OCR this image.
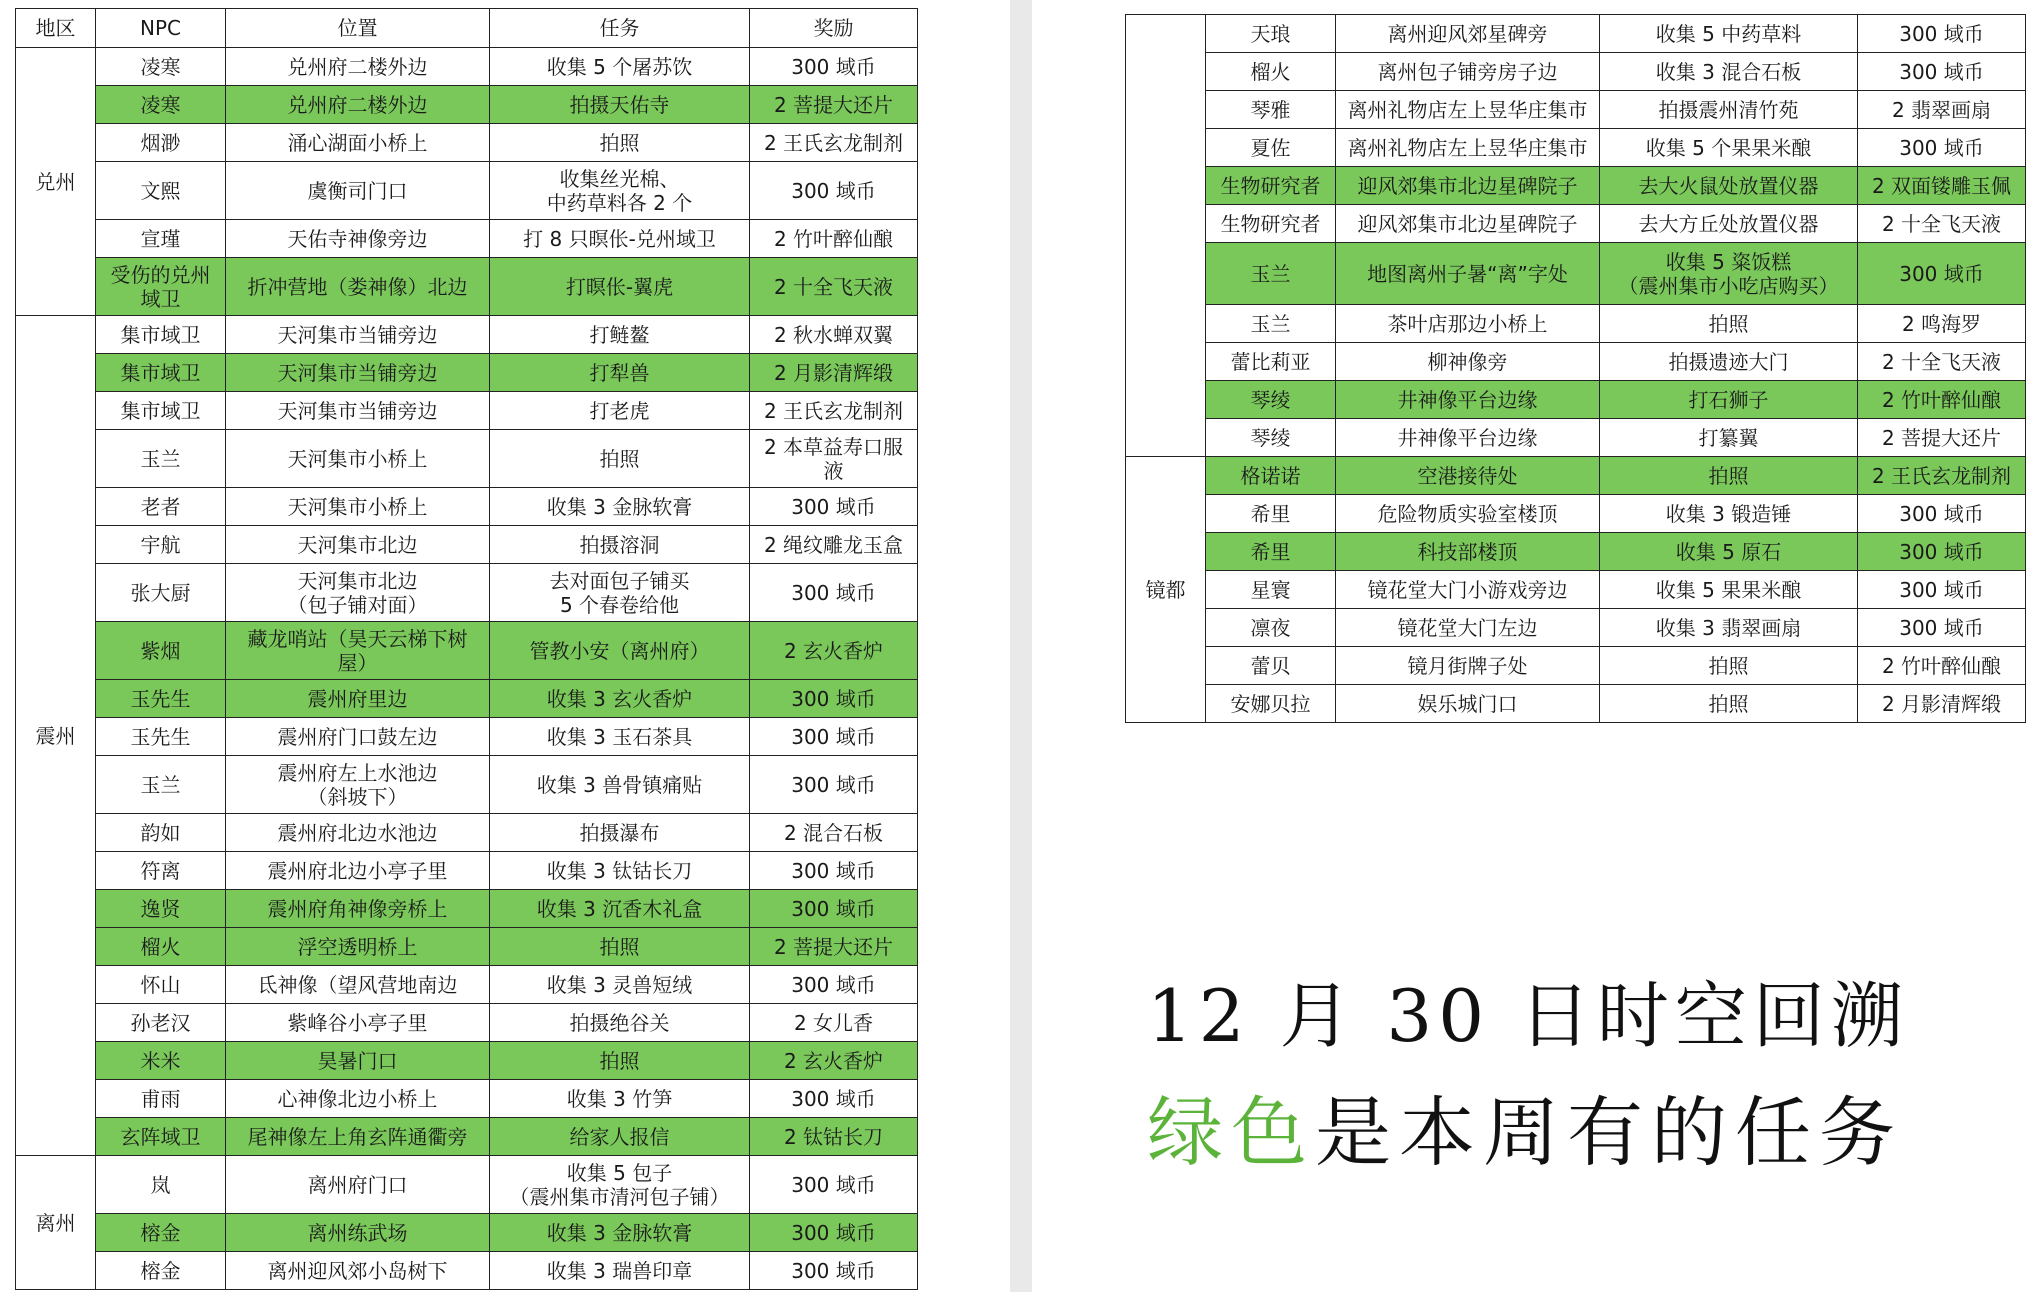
地区	NPC	位置	任务	奖励
兑州	凌寒	兑州府二楼外边	收集 5 个屠苏饮	300 域币
	凌寒	兑州府二楼外边	拍摄天佑寺	2 菩提大还片
	烟渺	涌心湖面小桥上	拍照	2 王氏玄龙制剂
	文熙	虞衡司门口	收集丝光棉、
中药草料各 2 个	300 域币
	宣瑾	天佑寺神像旁边	打 8 只暝伥-兑州域卫	2 竹叶醉仙酿
	受伤的兑州
域卫	折冲营地（娄神像）北边	打暝伥-翼虎	2 十全飞天液
震州	集市域卫	天河集市当铺旁边	打鲢鳌	2 秋水蝉双翼
	集市域卫	天河集市当铺旁边	打犁兽	2 月影清辉缎
	集市域卫	天河集市当铺旁边	打老虎	2 王氏玄龙制剂
	玉兰	天河集市小桥上	拍照	2 本草益寿口服
液
	老者	天河集市小桥上	收集 3 金脉软膏	300 域币
	宇航	天河集市北边	拍摄溶洞	2 绳纹雕龙玉盒
	张大厨	天河集市北边
（包子铺对面）	去对面包子铺买
5 个春卷给他	300 域币
	紫烟	藏龙哨站（昊天云梯下树
屋）	管教小安（离州府）	2 玄火香炉
	玉先生	震州府里边	收集 3 玄火香炉	300 域币
	玉先生	震州府门口鼓左边	收集 3 玉石茶具	300 域币
	玉兰	震州府左上水池边
（斜坡下）	收集 3 兽骨镇痛贴	300 域币
	韵如	震州府北边水池边	拍摄瀑布	2 混合石板
	符离	震州府北边小亭子里	收集 3 钛钴长刀	300 域币
	逸贤	震州府角神像旁桥上	收集 3 沉香木礼盒	300 域币
	榴火	浮空透明桥上	拍照	2 菩提大还片
	怀山	氐神像（望风营地南边	收集 3 灵兽短绒	300 域币
	孙老汉	紫峰谷小亭子里	拍摄绝谷关	2 女儿香
	米米	昊暑门口	拍照	2 玄火香炉
	甫雨	心神像北边小桥上	收集 3 竹笋	300 域币
	玄阵域卫	尾神像左上角玄阵通衢旁	给家人报信	2 钛钴长刀
离州	岚	离州府门口	收集 5 包子
（震州集市清河包子铺）	300 域币
	榕金	离州练武场	收集 3 金脉软膏	300 域币
	榕金	离州迎风郊小岛树下	收集 3 瑞兽印章	300 域币
	天琅	离州迎风郊星碑旁	收集 5 中药草料	300 域币
	榴火	离州包子铺旁房子边	收集 3 混合石板	300 域币
	琴雅	离州礼物店左上昱华庄集市	拍摄震州清竹苑	2 翡翠画扇
	夏佐	离州礼物店左上昱华庄集市	收集 5 个果果米酿	300 域币
	生物研究者	迎风郊集市北边星碑院子	去大火鼠处放置仪器	2 双面镂雕玉佩
	生物研究者	迎风郊集市北边星碑院子	去大方丘处放置仪器	2 十全飞天液
	玉兰	地图离州子暑“离”字处	收集 5 粢饭糕
（震州集市小吃店购买）	300 域币
	玉兰	茶叶店那边小桥上	拍照	2 鸣海罗
	蕾比莉亚	柳神像旁	拍摄遗迹大门	2 十全飞天液
	琴绫	井神像平台边缘	打石狮子	2 竹叶醉仙酿
	琴绫	井神像平台边缘	打纂翼	2 菩提大还片
镜都	格诺诺	空港接待处	拍照	2 王氏玄龙制剂
	希里	危险物质实验室楼顶	收集 3 锻造锤	300 域币
	希里	科技部楼顶	收集 5 原石	300 域币
	星寰	镜花堂大门小游戏旁边	收集 5 果果米酿	300 域币
	凛夜	镜花堂大门左边	收集 3 翡翠画扇	300 域币
	蕾贝	镜月街牌子处	拍照	2 竹叶醉仙酿
	安娜贝拉	娱乐城门口	拍照	2 月影清辉缎
12 月 30 日时空回溯
绿色是本周有的任务
